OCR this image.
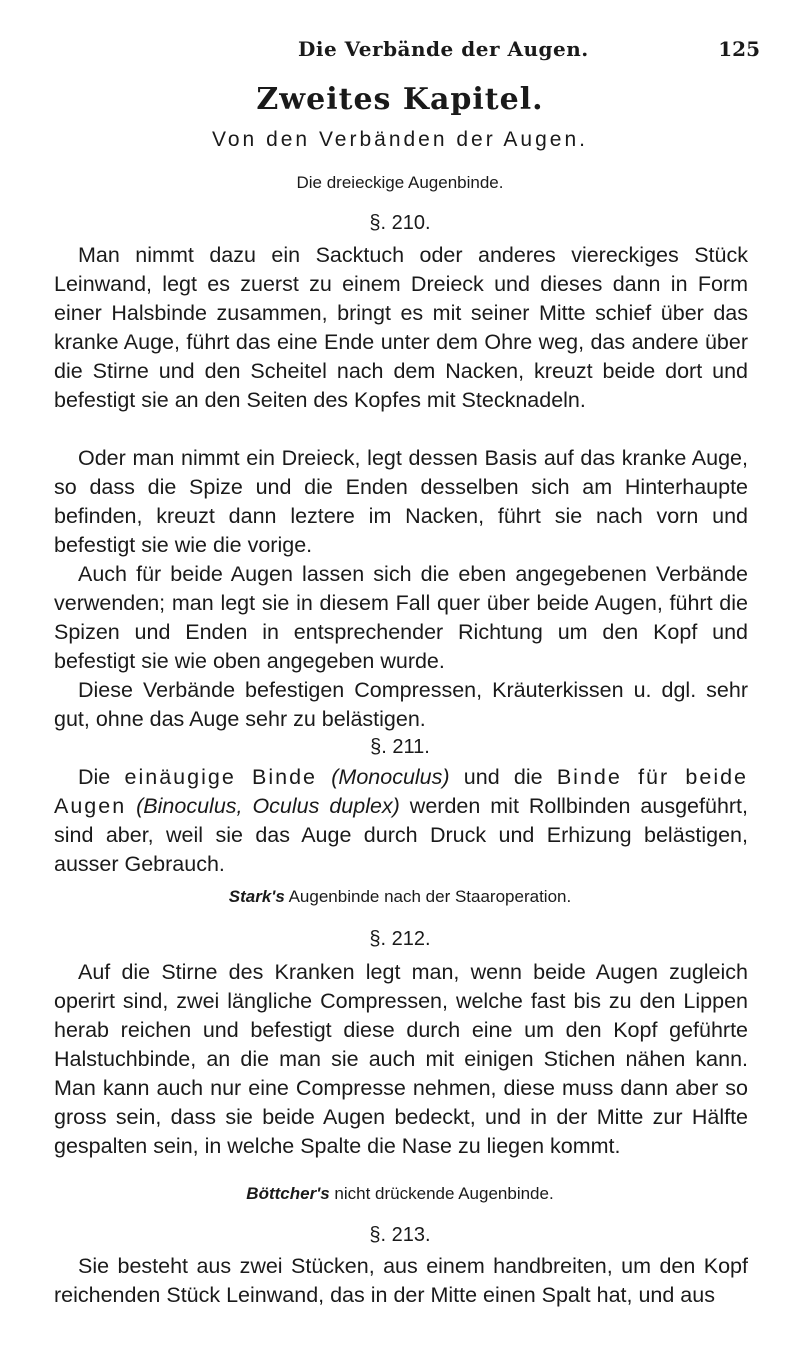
Die Verbände der Augen.	125
Zweites Kapitel.
Von den Verbänden der Augen.
Die dreieckige Augenbinde.
§. 210.

Man nimmt dazu ein Sacktuch oder anderes viereckiges Stück Leinwand, legt es zuerst zu einem Dreieck und dieses dann in Form einer Halsbinde zusammen, bringt es mit seiner Mitte schief über das kranke Auge, führt das eine Ende unter dem Ohre weg, das andere über die Stirne und den Scheitel nach dem Nacken, kreuzt beide dort und befestigt sie an den Seiten des Kopfes mit Stecknadeln.

Oder man nimmt ein Dreieck, legt dessen Basis auf das kranke Auge, so dass die Spize und die Enden desselben sich am Hinterhaupte befinden, kreuzt dann leztere im Nacken, führt sie nach vorn und befestigt sie wie die vorige.

Auch für beide Augen lassen sich die eben angegebenen Verbände verwenden; man legt sie in diesem Fall quer über beide Augen, führt die Spizen und Enden in entsprechender Richtung um den Kopf und befestigt sie wie oben angegeben wurde.

Diese Verbände befestigen Compressen, Kräuterkissen u. dgl. sehr gut, ohne das Auge sehr zu belästigen.

§. 211.

Die einäugige Binde (Monoculus) und die Binde für beide Augen (Binoculus, Oculus duplex) werden mit Rollbinden ausgeführt, sind aber, weil sie das Auge durch Druck und Erhizung belästigen, ausser Gebrauch.

Stark's Augenbinde nach der Staaroperation.
§. 212.

Auf die Stirne des Kranken legt man, wenn beide Augen zugleich operirt sind, zwei längliche Compressen, welche fast bis zu den Lippen herab reichen und befestigt diese durch eine um den Kopf geführte Halstuchbinde, an die man sie auch mit einigen Stichen nähen kann. Man kann auch nur eine Compresse nehmen, diese muss dann aber so gross sein, dass sie beide Augen bedeckt, und in der Mitte zur Hälfte gespalten sein, in welche Spalte die Nase zu liegen kommt.

Böttcher's nicht drückende Augenbinde.
§. 213.

Sie besteht aus zwei Stücken, aus einem handbreiten, um den Kopf reichenden Stück Leinwand, das in der Mitte einen Spalt hat, und aus
